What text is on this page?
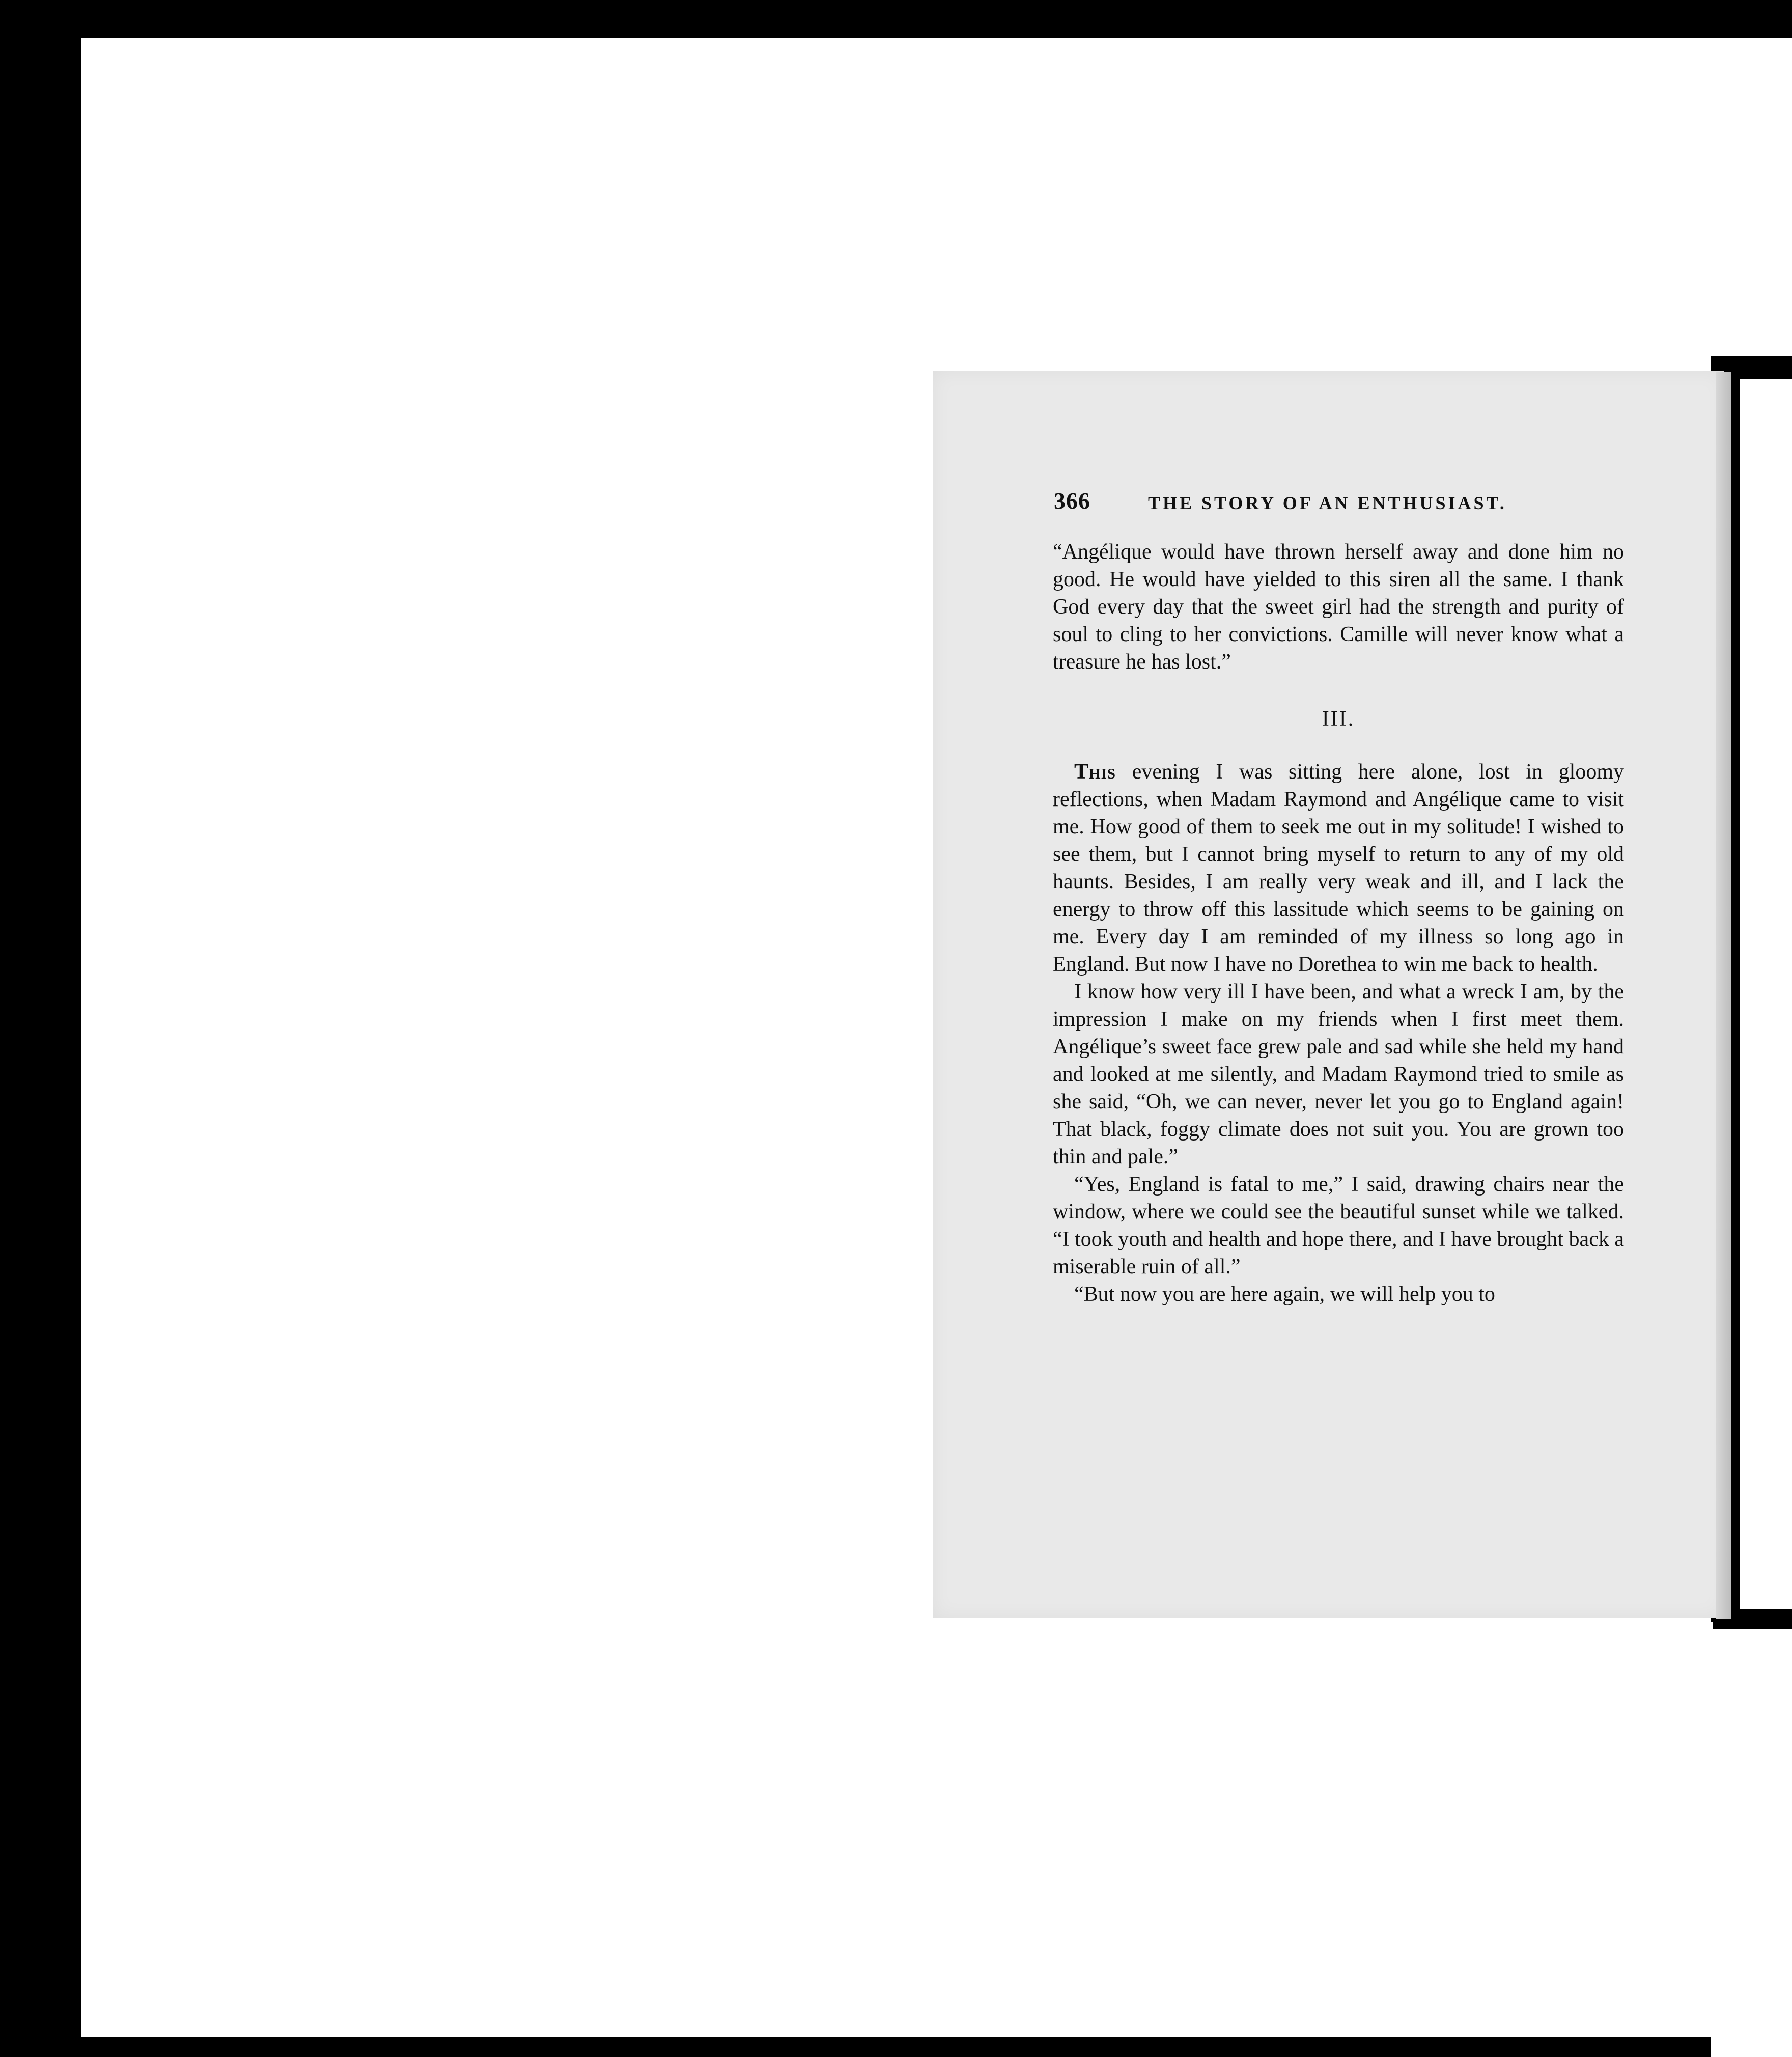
366	THE STORY OF AN ENTHUSIAST.

“Angélique would have thrown herself away and done him no good. He would have yielded to this siren all the same. I thank God every day that the sweet girl had the strength and purity of soul to cling to her convictions. Camille will never know what a treasure he has lost.”

III.

This evening I was sitting here alone, lost in gloomy reflections, when Madam Raymond and Angélique came to visit me. How good of them to seek me out in my solitude! I wished to see them, but I cannot bring myself to return to any of my old haunts. Besides, I am really very weak and ill, and I lack the energy to throw off this lassitude which seems to be gaining on me. Every day I am reminded of my illness so long ago in England. But now I have no Dorethea to win me back to health.

I know how very ill I have been, and what a wreck I am, by the impression I make on my friends when I first meet them. Angélique’s sweet face grew pale and sad while she held my hand and looked at me silently, and Madam Raymond tried to smile as she said, “Oh, we can never, never let you go to England again! That black, foggy climate does not suit you. You are grown too thin and pale.”

“Yes, England is fatal to me,” I said, drawing chairs near the window, where we could see the beautiful sunset while we talked. “I took youth and health and hope there, and I have brought back a miserable ruin of all.”

“But now you are here again, we will help you to
